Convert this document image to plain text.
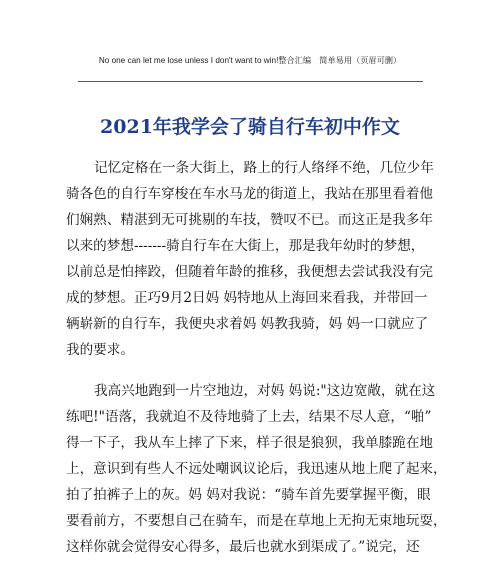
No one can let me lose unless I don't want to win!整合汇编　简单易用（页眉可删）
2021年我学会了骑自行车初中作文

记忆定格在一条大街上，路上的行人络绎不绝，几位少年
骑各色的自行车穿梭在车水马龙的街道上，我站在那里看着他
们娴熟、精湛到无可挑剔的车技，赞叹不已。而这正是我多年
以来的梦想-------骑自行车在大街上，那是我年幼时的梦想，
以前总是怕摔跤，但随着年龄的推移，我便想去尝试我没有完
成的梦想。正巧9月2日妈 妈特地从上海回来看我，并带回一
辆崭新的自行车，我便央求着妈 妈教我骑，妈 妈一口就应了
我的要求。

我高兴地跑到一片空地边，对妈 妈说:"这边宽敞，就在这
练吧!"语落，我就迫不及待地骑了上去，结果不尽人意，“啪”
得一下子，我从车上摔了下来，样子很是狼狈，我单膝跪在地
上，意识到有些人不远处嘲讽议论后，我迅速从地上爬了起来，
拍了拍裤子上的灰。妈 妈对我说：“骑车首先要掌握平衡，眼
要看前方，不要想自己在骑车，而是在草地上无拘无束地玩耍，
这样你就会觉得安心得多，最后也就水到渠成了。”说完，还
